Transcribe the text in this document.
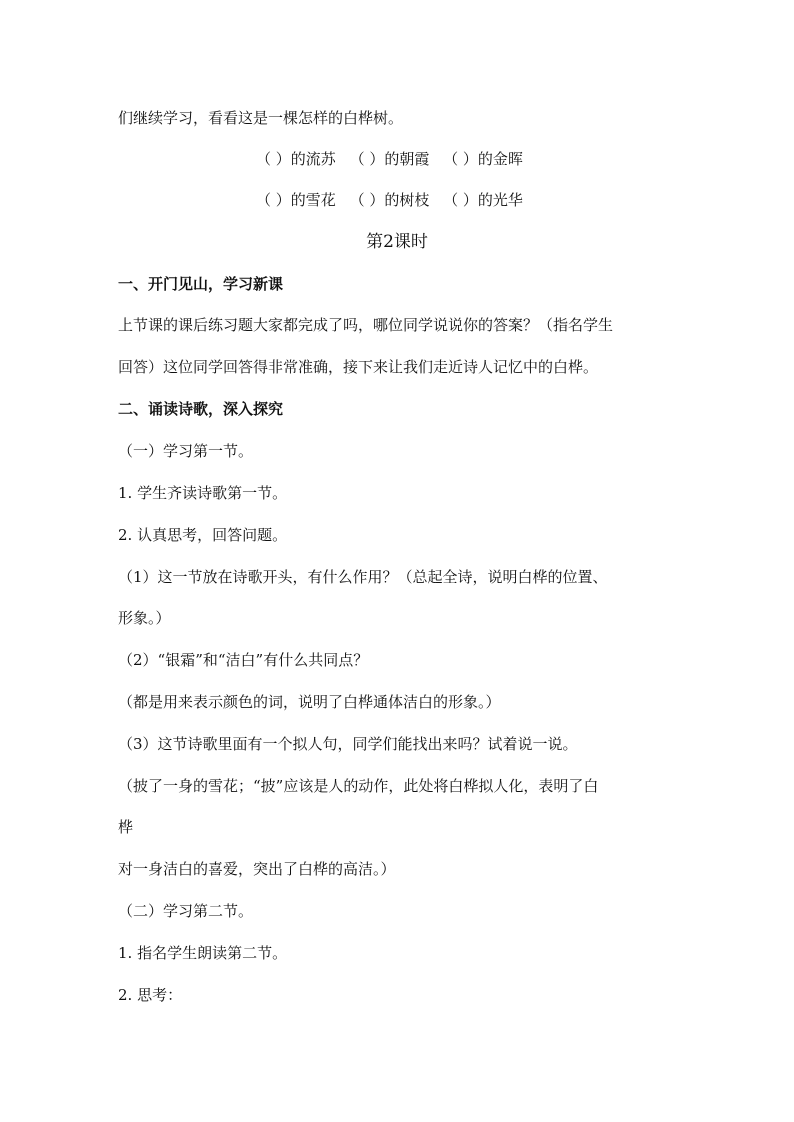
们继续学习，看看这是一棵怎样的白桦树。
（ ）的流苏 （ ）的朝霞 （ ）的金晖
（ ）的雪花 （ ）的树枝 （ ）的光华
第2课时
一、开门见山，学习新课
上节课的课后练习题大家都完成了吗，哪位同学说说你的答案？（指名学生
回答）这位同学回答得非常准确，接下来让我们走近诗人记忆中的白桦。
二、诵读诗歌，深入探究
（一）学习第一节。
1. 学生齐读诗歌第一节。
2. 认真思考，回答问题。
（1）这一节放在诗歌开头，有什么作用？（总起全诗，说明白桦的位置、
形象。）
（2）“银霜”和“洁白”有什么共同点？
（都是用来表示颜色的词，说明了白桦通体洁白的形象。）
（3）这节诗歌里面有一个拟人句，同学们能找出来吗？试着说一说。
（披了一身的雪花；“披”应该是人的动作，此处将白桦拟人化，表明了白
桦
对一身洁白的喜爱，突出了白桦的高洁。）
（二）学习第二节。
1. 指名学生朗读第二节。
2. 思考：
